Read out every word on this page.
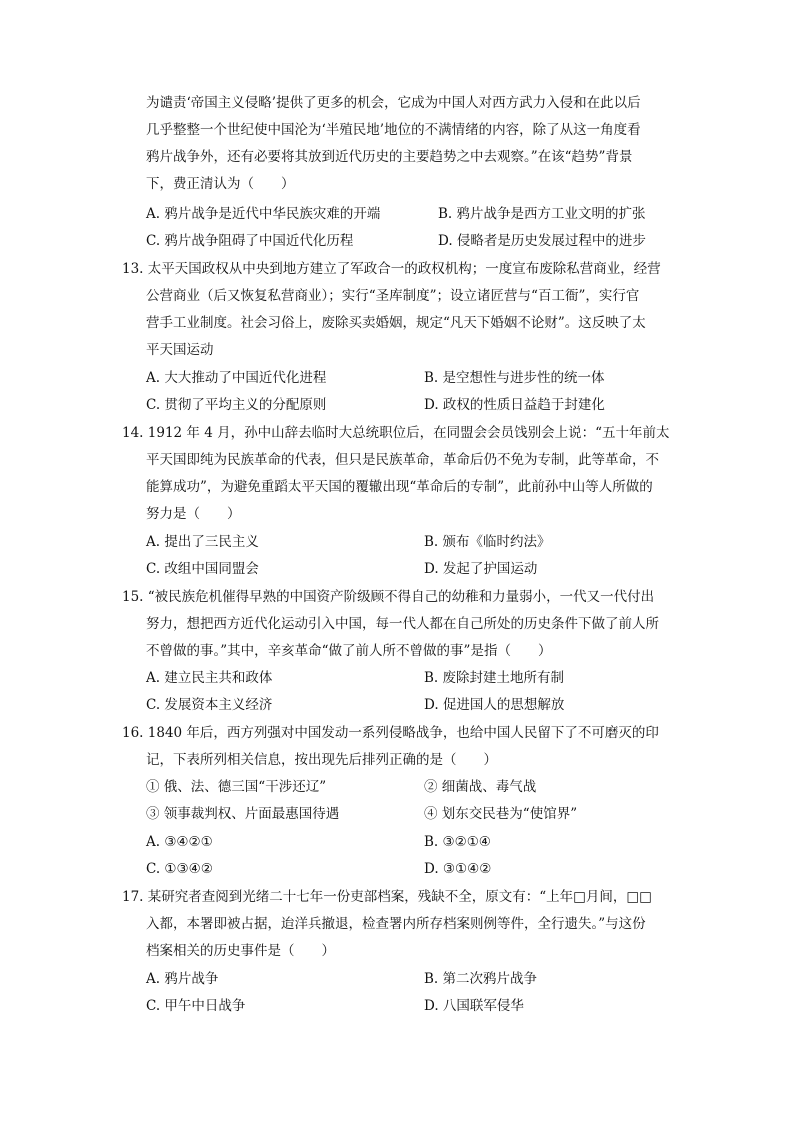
为谴责‘帝国主义侵略’提供了更多的机会，它成为中国人对西方武力入侵和在此以后
几乎整整一个世纪使中国沦为‘半殖民地’地位的不满情绪的内容，除了从这一角度看
鸦片战争外，还有必要将其放到近代历史的主要趋势之中去观察。”在该“趋势”背景
下，费正清认为（　　）
A. 鸦片战争是近代中华民族灾难的开端	B. 鸦片战争是西方工业文明的扩张
C. 鸦片战争阻碍了中国近代化历程	D. 侵略者是历史发展过程中的进步
13. 太平天国政权从中央到地方建立了军政合一的政权机构；一度宣布废除私营商业，经营
公营商业（后又恢复私营商业）；实行“圣库制度”；设立诸匠营与“百工衙”，实行官
营手工业制度。社会习俗上，废除买卖婚姻，规定“凡天下婚姻不论财”。这反映了太
平天国运动
A. 大大推动了中国近代化进程	B. 是空想性与进步性的统一体
C. 贯彻了平均主义的分配原则	D. 政权的性质日益趋于封建化
14. 1912 年 4 月，孙中山辞去临时大总统职位后，在同盟会会员饯别会上说：“五十年前太
平天国即纯为民族革命的代表，但只是民族革命，革命后仍不免为专制，此等革命，不
能算成功”，为避免重蹈太平天国的覆辙出现“革命后的专制”，此前孙中山等人所做的
努力是（　　）
A. 提出了三民主义	B. 颁布《临时约法》
C. 改组中国同盟会	D. 发起了护国运动
15. “被民族危机催得早熟的中国资产阶级顾不得自己的幼稚和力量弱小，一代又一代付出
努力，想把西方近代化运动引入中国，每一代人都在自己所处的历史条件下做了前人所
不曾做的事。”其中，辛亥革命“做了前人所不曾做的事”是指（　　）
A. 建立民主共和政体	B. 废除封建土地所有制
C. 发展资本主义经济	D. 促进国人的思想解放
16. 1840 年后，西方列强对中国发动一系列侵略战争，也给中国人民留下了不可磨灭的印
记，下表所列相关信息，按出现先后排列正确的是（　　）
① 俄、法、德三国“干涉还辽”	② 细菌战、毒气战
③ 领事裁判权、片面最惠国待遇	④ 划东交民巷为“使馆界”
A. ③④②①	B. ③②①④
C. ①③④②	D. ③①④②
17. 某研究者查阅到光绪二十七年一份吏部档案，残缺不全，原文有：“上年□月间，□□
入都，本署即被占据，迨洋兵撤退，检查署内所存档案则例等件，全行遗失。”与这份
档案相关的历史事件是（　　）
A. 鸦片战争	B. 第二次鸦片战争
C. 甲午中日战争	D. 八国联军侵华
